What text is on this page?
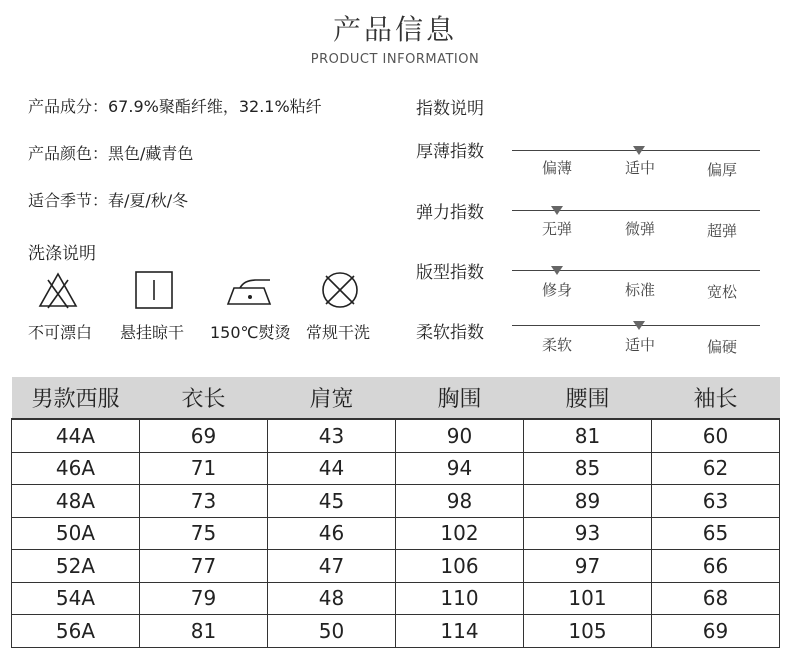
产品信息
PRODUCT INFORMATION
产品成分：67.9%聚酯纤维，32.1%粘纤
产品颜色：黑色/藏青色
适合季节：春/夏/秋/冬
洗涤说明
不可漂白 悬挂晾干 150℃熨烫 常规干洗
指数说明
厚薄指数
偏薄	适中	偏厚
弹力指数
无弹	微弹	超弹
版型指数
修身	标准	宽松
柔软指数
柔软	适中	偏硬
男款西服	衣长	肩宽	胸围	腰围	袖长
44A	69	43	90	81	60
46A	71	44	94	85	62
48A	73	45	98	89	63
50A	75	46	102	93	65
52A	77	47	106	97	66
54A	79	48	110	101	68
56A	81	50	114	105	69
